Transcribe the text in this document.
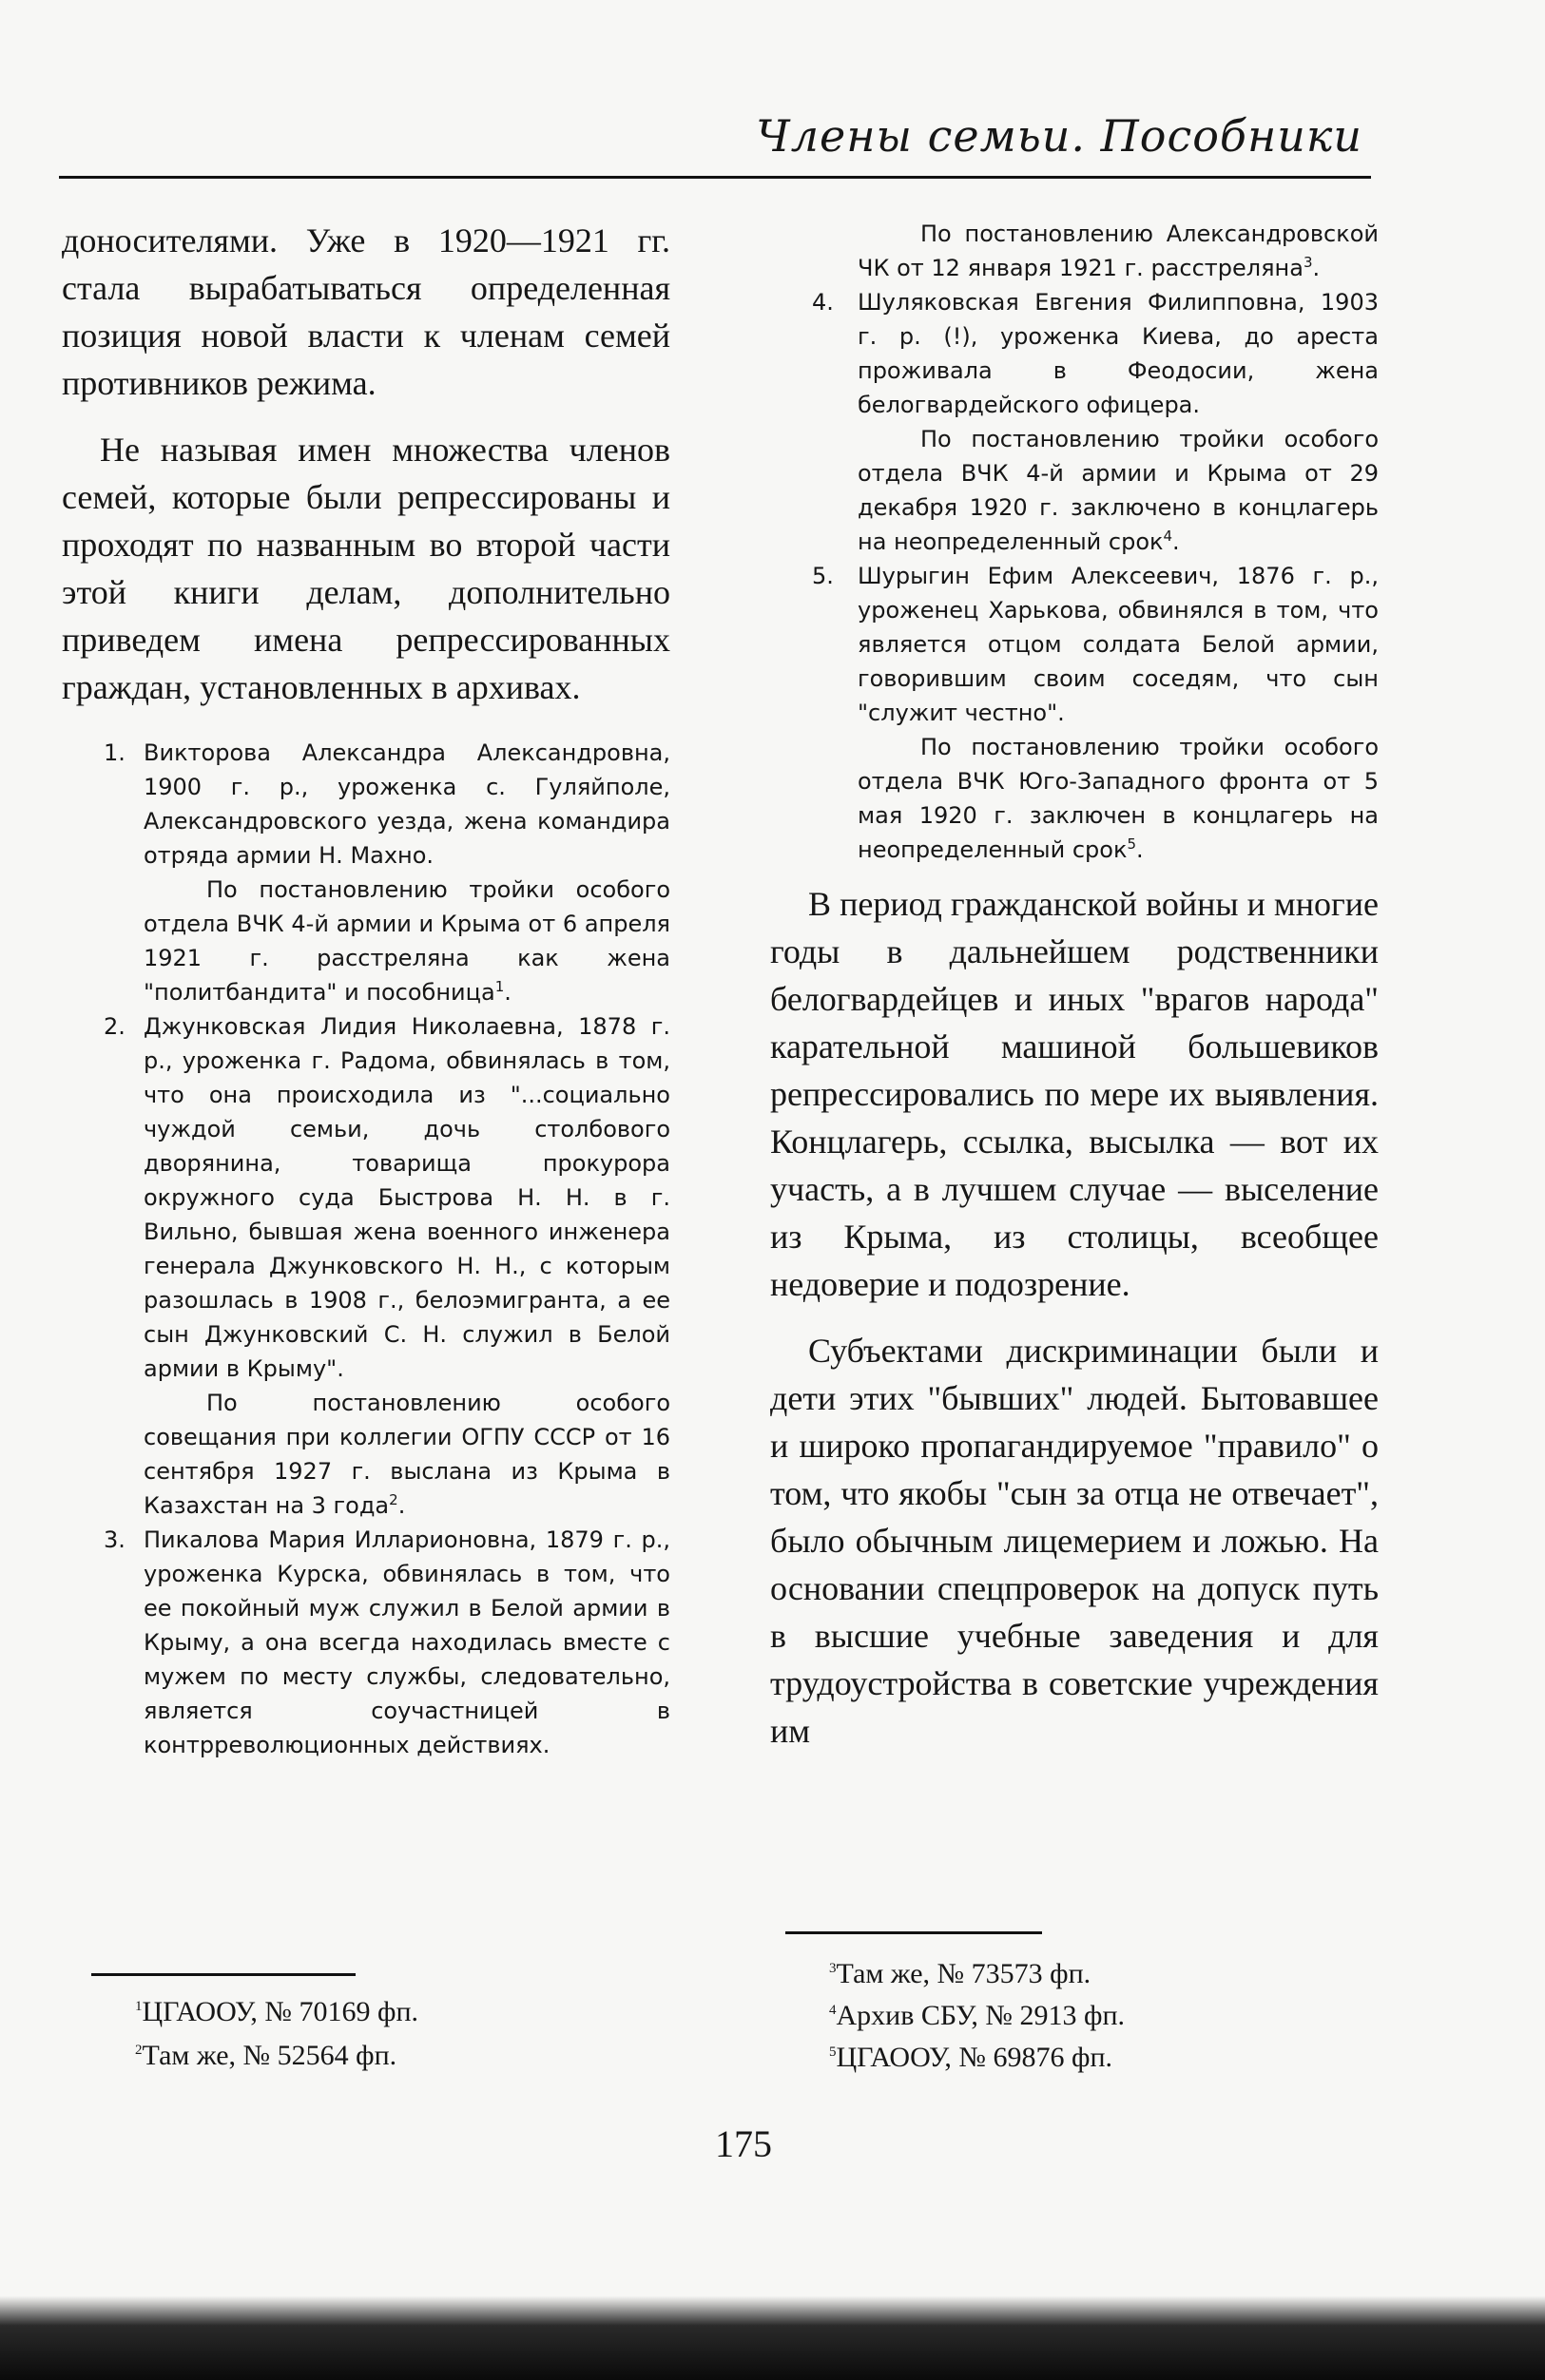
Члены семьи. Пособники

доносителями. Уже в 1920—1921 гг. стала вырабатываться определенная позиция новой власти к членам семей противников режима.

Не называя имен множества членов семей, которые были репрессированы и проходят по названным во второй части этой книги делам, дополнительно приведем имена репрессированных граждан, установленных в архивах.

1. Викторова Александра Александровна, 1900 г. р., уроженка с. Гуляйполе, Александровского уезда, жена командира отряда армии Н. Махно.

По постановлению тройки особого отдела ВЧК 4-й армии и Крыма от 6 апреля 1921 г. расстреляна как жена "политбандита" и пособница$^1$.

2. Джунковская Лидия Николаевна, 1878 г. р., уроженка г. Радома, обвинялась в том, что она происходила из "...социально чуждой семьи, дочь столбового дворянина, товарища прокурора окружного суда Быстрова Н. Н. в г. Вильно, бывшая жена военного инженера генерала Джунковского Н. Н., с которым разошлась в 1908 г., белоэмигранта, а ее сын Джунковский С. Н. служил в Белой армии в Крыму".

По постановлению особого совещания при коллегии ОГПУ СССР от 16 сентября 1927 г. выслана из Крыма в Казахстан на 3 года$^2$.

3. Пикалова Мария Илларионовна, 1879 г. р., уроженка Курска, обвинялась в том, что ее покойный муж служил в Белой армии в Крыму, а она всегда находилась вместе с мужем по месту службы, следовательно, является соучастницей в контрреволюционных действиях.

По постановлению Александровской ЧК от 12 января 1921 г. расстреляна$^3$.

4. Шуляковская Евгения Филипповна, 1903 г. р. (!), уроженка Киева, до ареста проживала в Феодосии, жена белогвардейского офицера.

По постановлению тройки особого отдела ВЧК 4-й армии и Крыма от 29 декабря 1920 г. заключено в концлагерь на неопределенный срок$^4$.

5. Шурыгин Ефим Алексеевич, 1876 г. р., уроженец Харькова, обвинялся в том, что является отцом солдата Белой армии, говорившим своим соседям, что сын "служит честно".

По постановлению тройки особого отдела ВЧК Юго-Западного фронта от 5 мая 1920 г. заключен в концлагерь на неопределенный срок$^5$.

В период гражданской войны и многие годы в дальнейшем родственники белогвардейцев и иных "врагов народа" карательной машиной большевиков репрессировались по мере их выявления. Концлагерь, ссылка, высылка — вот их участь, а в лучшем случае — выселение из Крыма, из столицы, всеобщее недоверие и подозрение.

Субъектами дискриминации были и дети этих "бывших" людей. Бытовавшее и широко пропагандируемое "правило" о том, что якобы "сын за отца не отвечает", было обычным лицемерием и ложью. На основании спецпроверок на допуск путь в высшие учебные заведения и для трудоустройства в советские учреждения им

$^1$ЦГАООУ, № 70169 фп.
$^2$Там же, № 52564 фп.
$^3$Там же, № 73573 фп.
$^4$Архив СБУ, № 2913 фп.
$^5$ЦГАООУ, № 69876 фп.
175
